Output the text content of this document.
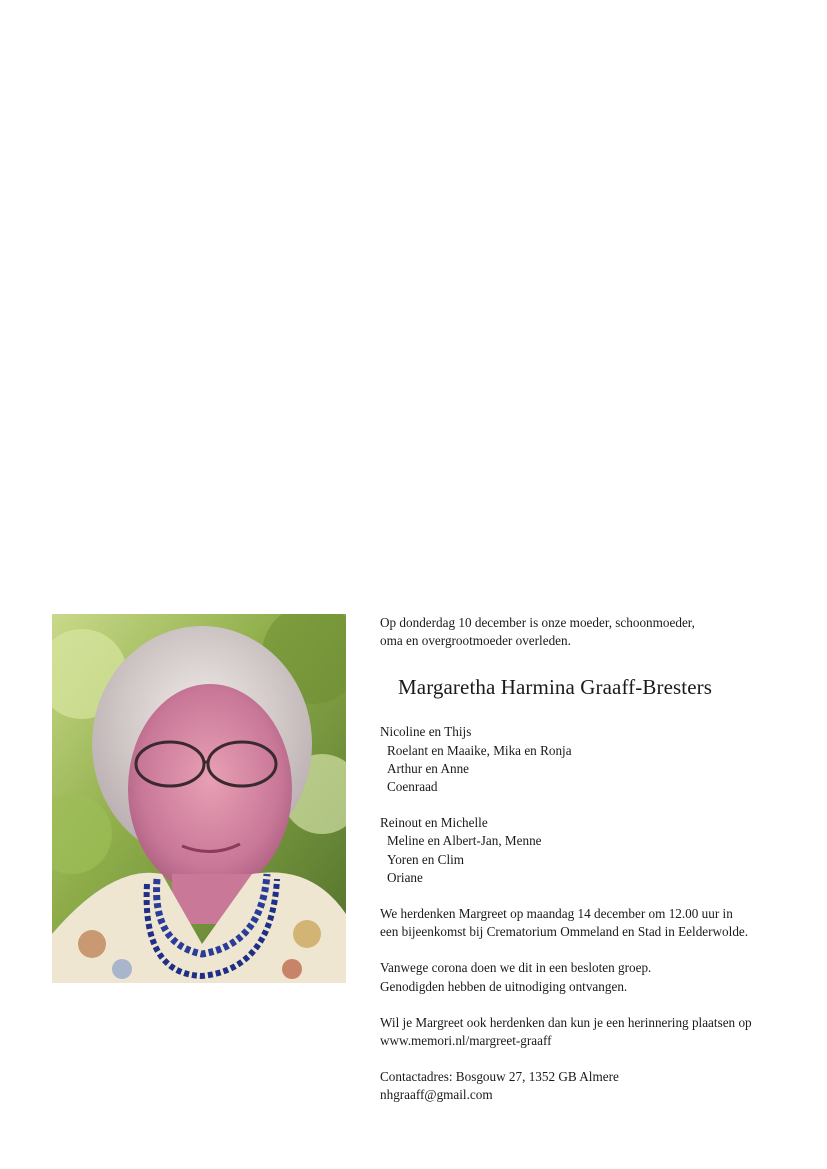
Op donderdag 10 december is onze moeder, schoonmoeder,
oma en overgrootmoeder overleden.

Margaretha Harmina Graaff-Bresters

Nicoline en Thijs

Roelant en Maaike, Mika en Ronja

Arthur en Anne

Coenraad

Reinout en Michelle

Meline en Albert-Jan, Menne

Yoren en Clim

Oriane

We herdenken Margreet op maandag 14 december om 12.00 uur in

een bijeenkomst bij Crematorium Ommeland en Stad in Eelderwolde.

Vanwege corona doen we dit in een besloten groep.

Genodigden hebben de uitnodiging ontvangen.

Wil je Margreet ook herdenken dan kun je een herinnering plaatsen op

www.memori.nl/margreet-graaff

Contactadres: Bosgouw 27, 1352 GB Almere

nhgraaff@gmail.com
